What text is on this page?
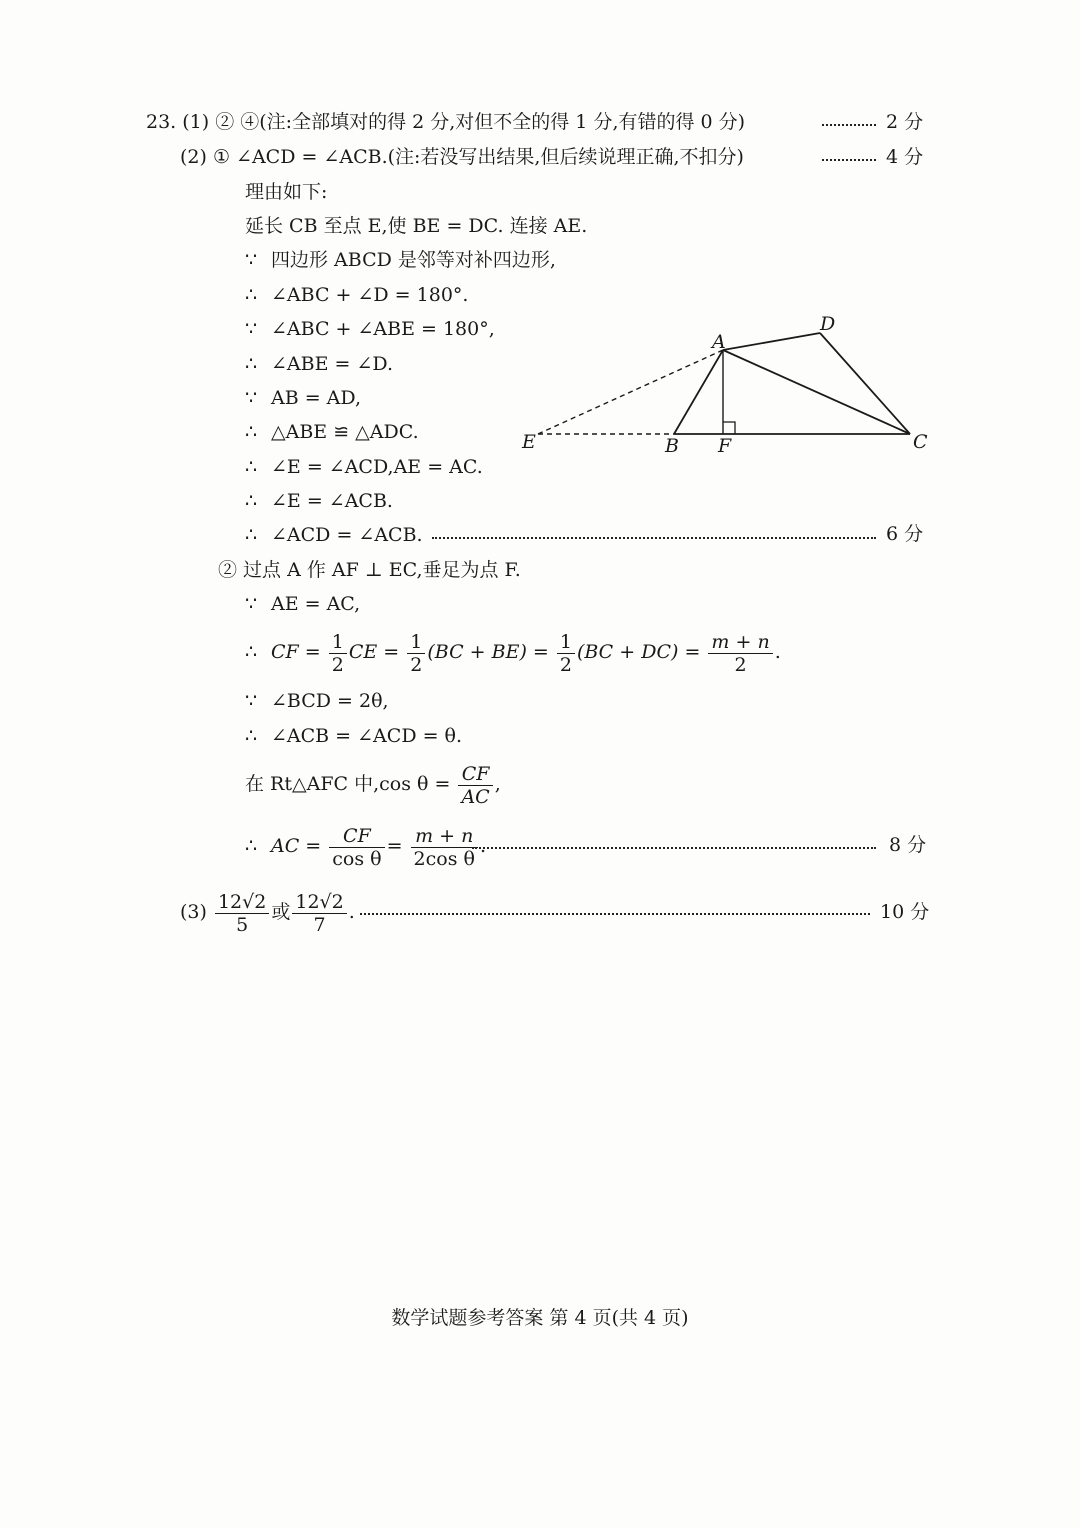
23. (1) ② ④(注:全部填对的得 2 分,对但不全的得 1 分,有错的得 0 分)	2 分
(2) ① ∠ACD = ∠ACB.(注:若没写出结果,但后续说理正确,不扣分)	4 分
理由如下:
延长 CB 至点 E,使 BE = DC. 连接 AE.
∵ 四边形 ABCD 是邻等对补四边形,
∴ ∠ABC + ∠D = 180°.
∵ ∠ABC + ∠ABE = 180°,
∴ ∠ABE = ∠D.
∵ AB = AD,
∴ △ABE ≌ △ADC.
∴ ∠E = ∠ACD,AE = AC.
∴ ∠E = ∠ACB.
∴ ∠ACD = ∠ACB.	6 分
A
B	C
D
E	F
② 过点 A 作 AF ⊥ EC,垂足为点 F.
∵ AE = AC,
∴ CF = $\frac{1}{2}$ CE = $\frac{1}{2} (BC + BE) = \frac{1}{2} (BC + DC) = \frac{m + n}{2}$ .
∵ ∠BCD = 2θ,
∴ ∠ACB = ∠ACD = θ.
在 Rt△AFC 中,cos $\theta = \frac{CF}{AC}$ ,
∴ AC = $\frac{CF}{\text{cos θ}} = \frac{m + n}{\text{2cos θ}}$ .	8 分
$(3) \frac{12√2}{5}$ 或 $\frac{12√2}{7}$ .	10 分
数学试题参考答案 第 4 页(共 4 页)
